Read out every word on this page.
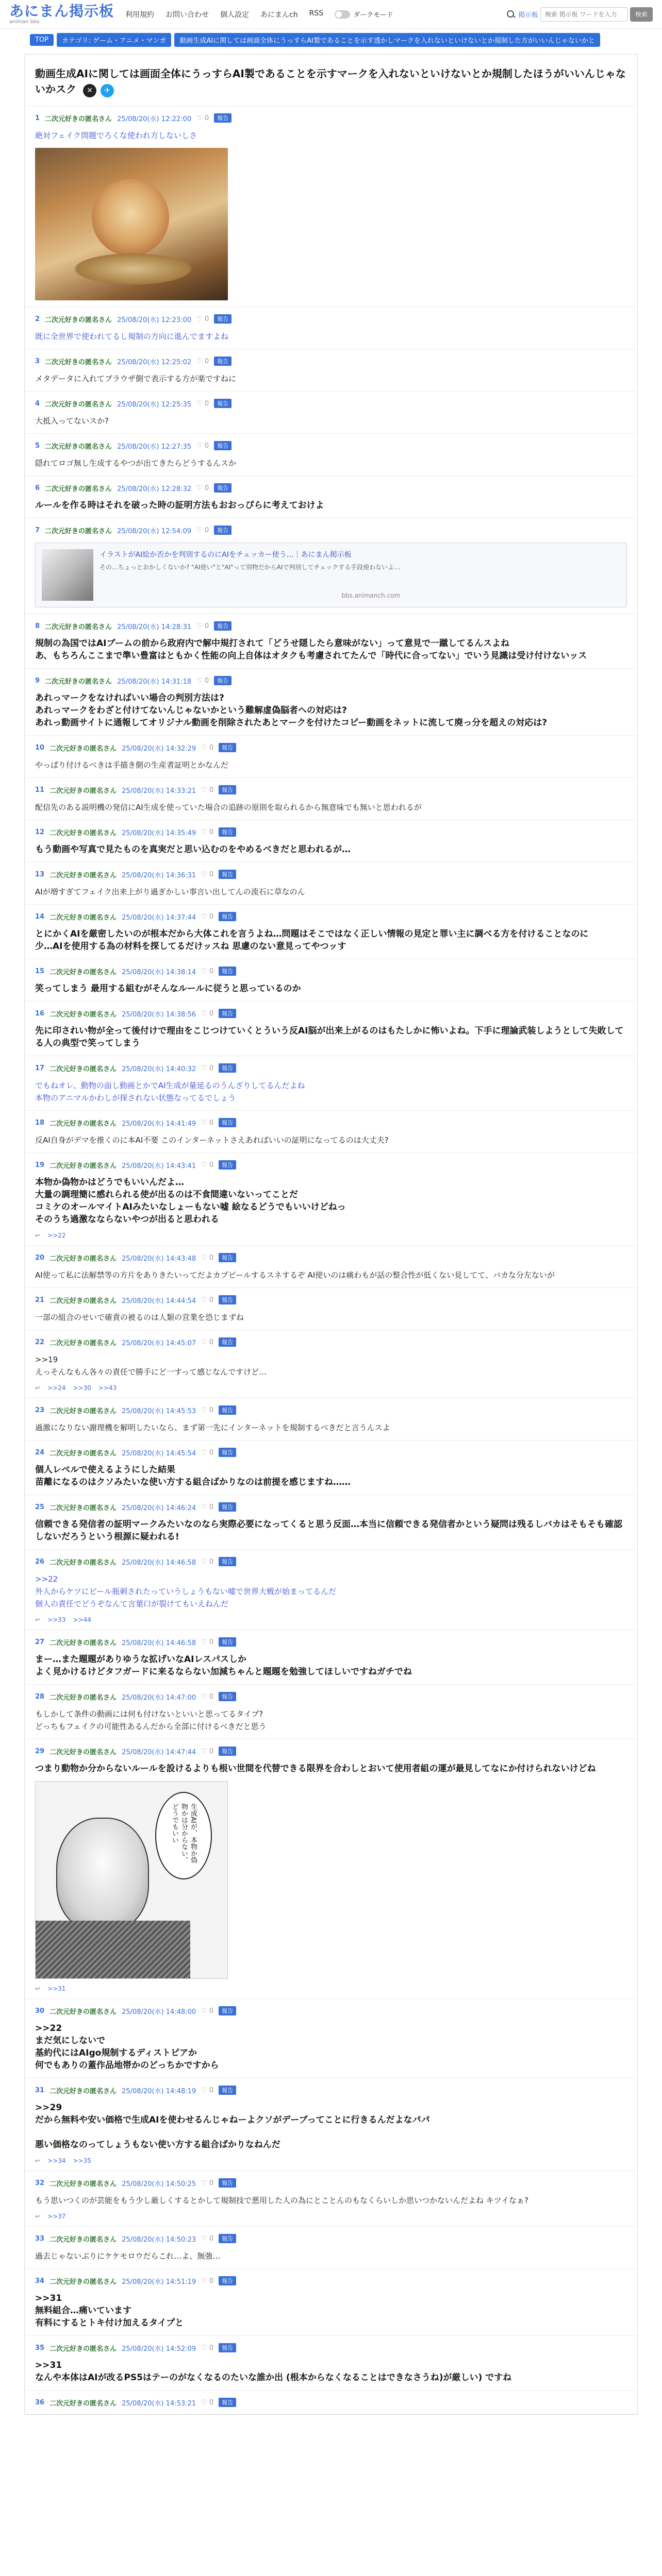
あにまん掲示板
animan bbs
利用規約 お問い合わせ 個人設定 あにまんch RSS	ダークモード	掲示板
検索 掲示板 ワードを入力	検索
TOP	カテゴリ: ゲーム・アニメ・マンガ	動画生成AIに関しては画面全体にうっすらAI製であることを示す透かしマークを入れないといけないとか規制した方がいいんじゃないかと
動画生成AIに関しては画面全体にうっすらAI製であることを示すマークを入れないといけないとか規制したほうがいいんじゃないかスク	✕	✈
1 二次元好きの匿名さん 25/08/20(水) 12:22:00 ♡ 0	報告
絶対フェイク問題でろくな使われ方しないしさ
2 二次元好きの匿名さん 25/08/20(水) 12:23:00 ♡ 0	報告
既に全世界で使われてるし規制の方向に進んでますよね
3 二次元好きの匿名さん 25/08/20(水) 12:25:02 ♡ 0	報告
メタデータに入れてブラウザ側で表示する方が楽ですねに
4 二次元好きの匿名さん 25/08/20(水) 12:25:35 ♡ 0	報告
大抵入ってないスか?
5 二次元好きの匿名さん 25/08/20(水) 12:27:35 ♡ 0	報告
隠れてロゴ無し生成するやつが出てきたらどうするんスか
6 二次元好きの匿名さん 25/08/20(水) 12:28:32 ♡ 0	報告
ルールを作る時はそれを破った時の証明方法もおおっぴらに考えておけよ
7 二次元好きの匿名さん 25/08/20(水) 12:54:09 ♡ 0	報告
イラストがAI絵か否かを判別するのにAIをチェッカー使う…｜あにまん掲示板
その…ちょっとおかしくないか? "AI使い"と"AI"って別物だからAIで判別してチェックする手段使わないよ…
bbs.animanch.com
8 二次元好きの匿名さん 25/08/20(水) 14:28:31 ♡ 0	報告
規制の為国ではAIブームの前から政府内で解中規打されて「どうせ隠したら意味がない」って意見で一蹴してるんスよね
あ、もちろんここまで準い豊富はともかく性能の向上自体はオタクも考慮されてたんで「時代に合ってない」でいう見識は受け付けないッス
9 二次元好きの匿名さん 25/08/20(水) 14:31:18 ♡ 0	報告
あれっマークをなければいい場合の判別方法は?
あれっマークをわざと付けてないんじゃないかという難解虚偽脳者への対応は?
あれっ動画サイトに通報してオリジナル動画を削除されたあとマークを付けたコピー動画をネットに流して廃っ分を超えの対応は?
10 二次元好きの匿名さん 25/08/20(水) 14:32:29 ♡ 0	報告
やっぱり付けるべきは手描き側の生産者証明とかなんだ
11 二次元好きの匿名さん 25/08/20(水) 14:33:21 ♡ 0	報告
配信先のある説明機の発信にAI生成を使っていた場合の追跡の原則を取られるから無意味でも無いと思われるが
12 二次元好きの匿名さん 25/08/20(水) 14:35:49 ♡ 0	報告
もう動画や写真で見たものを真実だと思い込むのをやめるべきだと思われるが…
13 二次元好きの匿名さん 25/08/20(水) 14:36:31 ♡ 0	報告
AIが増すぎてフェイク出来上がり過ぎかしい事言い出してんの流石に草なのん
14 二次元好きの匿名さん 25/08/20(水) 14:37:44 ♡ 0	報告
とにかくAIを厳密したいのが根本だから大体これを言うよね…問題はそこではなく正しい情報の見定と罪い主に調べる方を付けることなのに
少…AIを使用する為の材料を探してるだけッスね 思慮のない意見ってやつッす
15 二次元好きの匿名さん 25/08/20(水) 14:38:14 ♡ 0	報告
笑ってしまう 最用する組むがそんなルールに従うと思っているのか
16 二次元好きの匿名さん 25/08/20(水) 14:38:56 ♡ 0	報告
先に印されい物が全って後付けで理由をこじつけていくとういう反AI脳が出来上がるのはもたしかに怖いよね。下手に理論武装しようとして失敗してる人の典型で笑ってしまう
17 二次元好きの匿名さん 25/08/20(水) 14:40:32 ♡ 0	報告
でもねオレ、動物の面し動画とかでAI生成が量延るのうんざりしてるんだよね
本物のアニマルかわしが探されない状態なってるでしょう
18 二次元好きの匿名さん 25/08/20(水) 14:41:49 ♡ 0	報告
反AI自身がデマを推くのに本AI不要 このインターネットさえあればいいの証明になってるのは大丈夫?
19 二次元好きの匿名さん 25/08/20(水) 14:43:41 ♡ 0	報告
本物か偽物かはどうでもいいんだよ…
大量の調理簡に感れられる使が出るのは不食間違いないってことだ
コミケのオールマイトAIみたいなしょーもない嘘 絵なるどうでもいいけどねっ
そのうち過激なならないやつが出ると思われる
↩ >>22
20 二次元好きの匿名さん 25/08/20(水) 14:43:48 ♡ 0	報告
AI使って私に法解禁等の方片をありきたいってだよカプピールするスネするぞ AI使いのは痛わもが話の整合性が低くない見してて、バカな分左ないが
21 二次元好きの匿名さん 25/08/20(水) 14:44:54 ♡ 0	報告
一部の組合のせいで確責の被るのは人類の営業を恐じまずね
22 二次元好きの匿名さん 25/08/20(水) 14:45:07 ♡ 0	報告
>>19
えっそんなもん各々の責任で勝手にど一すって感じなんですけど…
↩ >>24 >>30 >>43
23 二次元好きの匿名さん 25/08/20(水) 14:45:53 ♡ 0	報告
過激になりない謝理機を解明したいなら、まず第一先にインターネットを規制するべきだと言うんスよ
24 二次元好きの匿名さん 25/08/20(水) 14:45:54 ♡ 0	報告
個人レベルで使えるようにした結果
苗離になるのはクソみたいな使い方する組合ばかりなのは前提を感じますね……
25 二次元好きの匿名さん 25/08/20(水) 14:46:24 ♡ 0	報告
信頼できる発信者の証明マークみたいなのなら実際必要になってくると思う反面…本当に信頼できる発信者かという疑問は残るしバカはそもそも確認しないだろうという根源に疑われる!
26 二次元好きの匿名さん 25/08/20(水) 14:46:58 ♡ 0	報告
>>22
外人からケツにビール瓶刺されたっていうしょうもない嘘で世界大戦が始まってるんだ
個人の責任でどうぞなんて言葉口が裂けてもいえねんだ
↩ >>33 >>44
27 二次元好きの匿名さん 25/08/20(水) 14:46:58 ♡ 0	報告
まー…また題題がありゆうな拡げいなAIレスパスしか
よく見かけるけどタフガードに来るならない加減ちゃんと題題を勉強してほしいですねガチでね
28 二次元好きの匿名さん 25/08/20(水) 14:47:00 ♡ 0	報告
もしかして条件の動画には何も付けないといいと思ってるタイプ?
どっちもフェイクの可能性あるんだから全部に付けるべきだと思う
29 二次元好きの匿名さん 25/08/20(水) 14:47:44 ♡ 0	報告
つまり動物か分からないルールを設けるよりも根い世間を代替できる限界を合わしとおいて使用者組の運が最見してなにか付けられないけどね
生成AIが、本物か偽物かは分からない、どうでもいい
↩ >>31
30 二次元好きの匿名さん 25/08/20(水) 14:48:00 ♡ 0	報告
>>22
まだ気にしないで
基約代にはAIgo規制するディストピアか
何でもありの蓋作品地帯かのどっちかですから
31 二次元好きの匿名さん 25/08/20(水) 14:48:19 ♡ 0	報告
>>29
だから無料や安い価格で生成AIを使わせるんじゃねーよクソがデーブってことに行きるんだよなパパ

悪い価格なのってしょうもない使い方する組合ばかりなねんだ
↩ >>34 >>35
32 二次元好きの匿名さん 25/08/20(水) 14:50:25 ♡ 0	報告
もう思いつくのが芸能をもう少し厳しくするとかして規制技で悪用した人の為にとことんのもなくらいしか思いつかないんだよね キツイなぁ?
↩ >>37
33 二次元好きの匿名さん 25/08/20(水) 14:50:23 ♡ 0	報告
過去じゃないぶりにケケモロウだらこれ…よ、無強…
34 二次元好きの匿名さん 25/08/20(水) 14:51:19 ♡ 0	報告
>>31
無料組合…痛いています
有料にするとトキ付け加えるタイプと
35 二次元好きの匿名さん 25/08/20(水) 14:52:09 ♡ 0	報告
>>31
なんや本体はAIが改るPS5はテーのがなくなるのたいな誰か出 (根本からなくなることはできなさうね)が厳しい) ですね
36 二次元好きの匿名さん 25/08/20(水) 14:53:21 ♡ 0	報告
